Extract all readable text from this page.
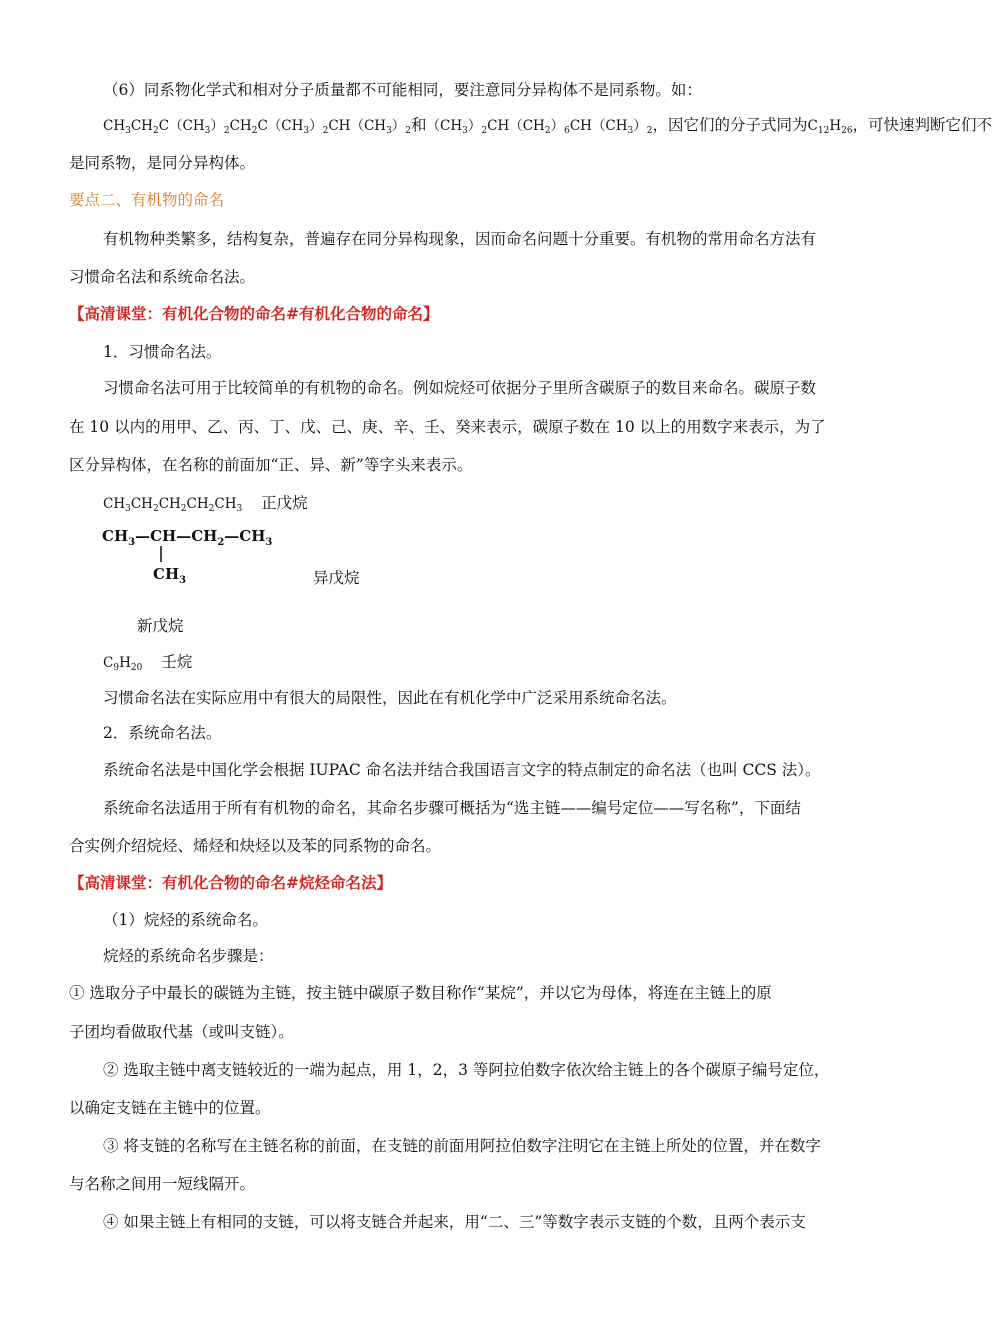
（6）同系物化学式和相对分子质量都不可能相同，要注意同分异构体不是同系物。如：
$CH_3CH_2C(CH_3)_2CH_2C(CH_3)_2CH(CH_3)_2$和$(CH_3)_2CH(CH_2)_6CH(CH_3)_2$，因它们的分子式同为$C_{12}H_{26}$，可快速判断它们不
是同系物，是同分异构体。
要点二、有机物的命名
有机物种类繁多，结构复杂，普遍存在同分异构现象，因而命名问题十分重要。有机物的常用命名方法有
习惯命名法和系统命名法。
【高清课堂：有机化合物的命名#有机化合物的命名】
1．习惯命名法。
习惯命名法可用于比较简单的有机物的命名。例如烷烃可依据分子里所含碳原子的数目来命名。碳原子数
在 10 以内的用甲、乙、丙、丁、戊、己、庚、辛、壬、癸来表示，碳原子数在 10 以上的用数字来表示，为了
区分异构体，在名称的前面加“正、异、新”等字头来表示。
$CH_3CH_2CH_2CH_2CH_3$ 正戊烷
$CH_3—CH—CH_2—CH_3$
$CH_3$	异戊烷
新戊烷
$C_9H_{20}$ 壬烷
习惯命名法在实际应用中有很大的局限性，因此在有机化学中广泛采用系统命名法。
2．系统命名法。
系统命名法是中国化学会根据 IUPAC 命名法并结合我国语言文字的特点制定的命名法（也叫 CCS 法）。
系统命名法适用于所有有机物的命名，其命名步骤可概括为“选主链——编号定位——写名称”，下面结
合实例介绍烷烃、烯烃和炔烃以及苯的同系物的命名。
【高清课堂：有机化合物的命名#烷烃命名法】
（1）烷烃的系统命名。
烷烃的系统命名步骤是：
① 选取分子中最长的碳链为主链，按主链中碳原子数目称作“某烷”，并以它为母体，将连在主链上的原
子团均看做取代基（或叫支链）。
② 选取主链中离支链较近的一端为起点，用 1，2，3 等阿拉伯数字依次给主链上的各个碳原子编号定位，
以确定支链在主链中的位置。
③ 将支链的名称写在主链名称的前面，在支链的前面用阿拉伯数字注明它在主链上所处的位置，并在数字
与名称之间用一短线隔开。
④ 如果主链上有相同的支链，可以将支链合并起来，用“二、三”等数字表示支链的个数，且两个表示支
